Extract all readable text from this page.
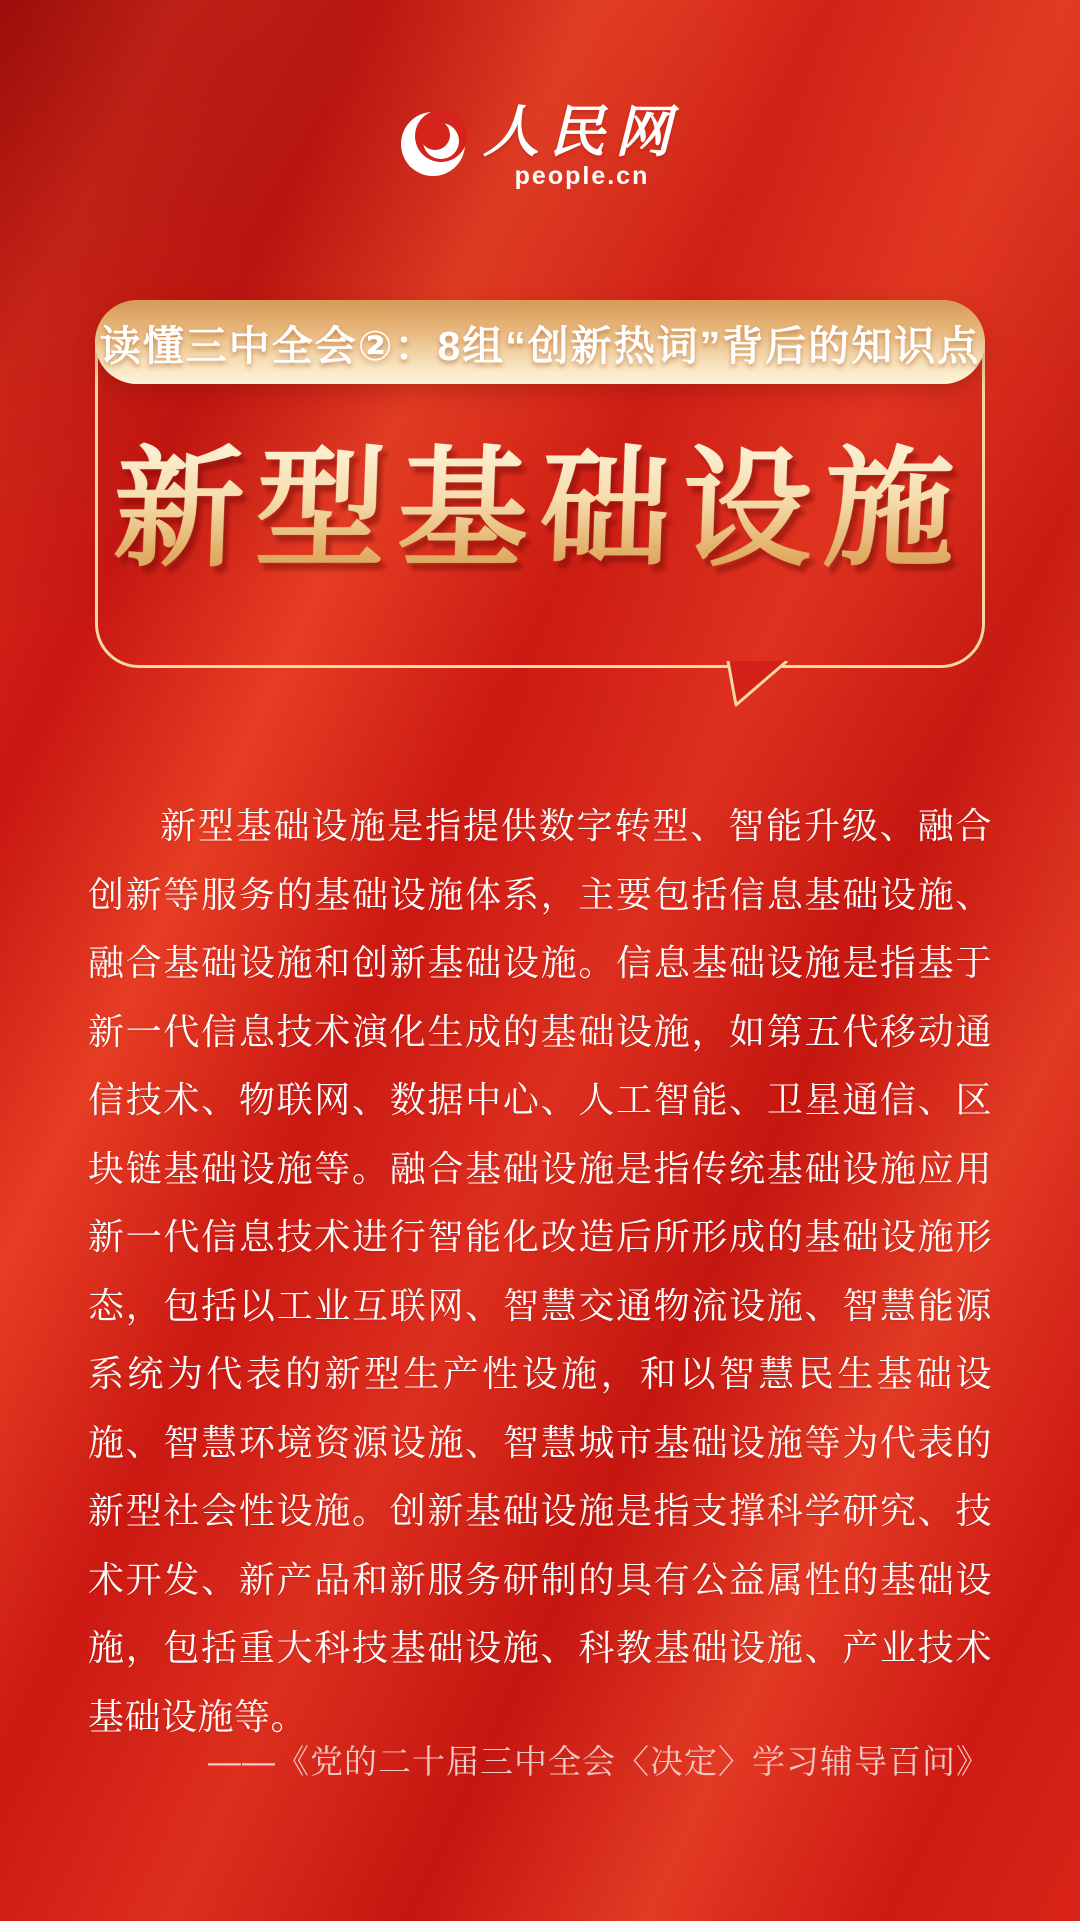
人民网
people.cn
读懂三中全会②：8组“创新热词”背后的知识点
新型基础设施
新型基础设施是指提供数字转型、智能升级、融合创新等服务的基础设施体系，主要包括信息基础设施、融合基础设施和创新基础设施。信息基础设施是指基于新一代信息技术演化生成的基础设施，如第五代移动通信技术、物联网、数据中心、人工智能、卫星通信、区块链基础设施等。融合基础设施是指传统基础设施应用新一代信息技术进行智能化改造后所形成的基础设施形态，包括以工业互联网、智慧交通物流设施、智慧能源系统为代表的新型生产性设施，和以智慧民生基础设施、智慧环境资源设施、智慧城市基础设施等为代表的新型社会性设施。创新基础设施是指支撑科学研究、技术开发、新产品和新服务研制的具有公益属性的基础设施，包括重大科技基础设施、科教基础设施、产业技术基础设施等。
——《党的二十届三中全会〈决定〉学习辅导百问》
